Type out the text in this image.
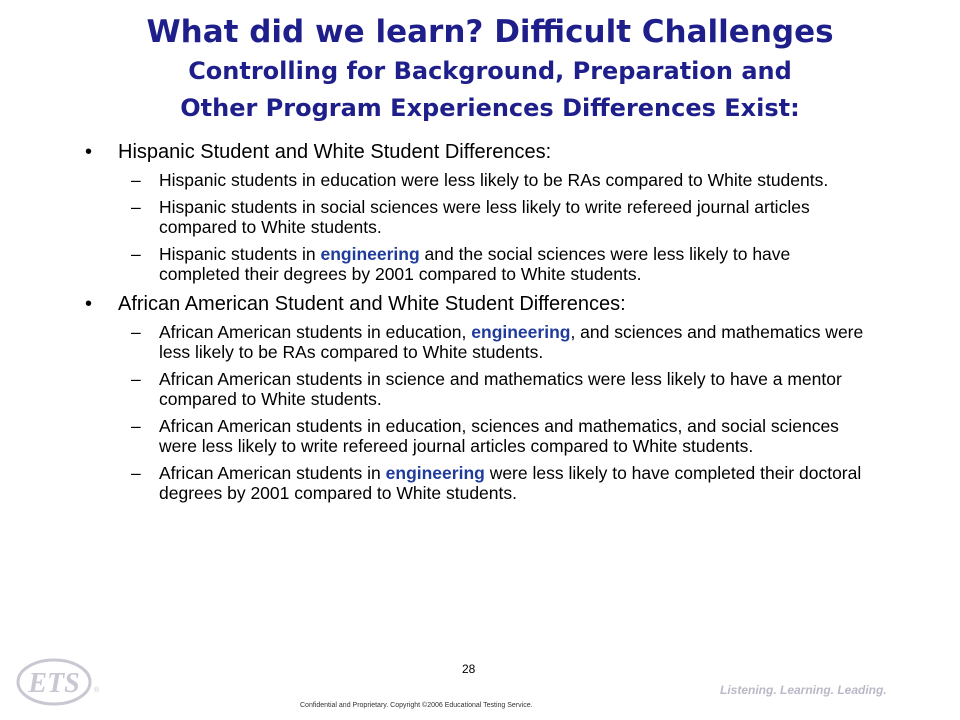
What did we learn? Difficult Challenges
Controlling for Background, Preparation and
Other Program Experiences Differences Exist:
• Hispanic Student and White Student Differences:
– Hispanic students in education were less likely to be RAs compared to White students.
– Hispanic students in social sciences were less likely to write refereed journal articles compared to White students.
– Hispanic students in engineering and the social sciences were less likely to have completed their degrees by 2001 compared to White students.
• African American Student and White Student Differences:
– African American students in education, engineering, and sciences and mathematics were less likely to be RAs compared to White students.
– African American students in science and mathematics were less likely to have a mentor compared to White students.
– African American students in education, sciences and mathematics, and social sciences were less likely to write refereed journal articles compared to White students.
– African American students in engineering were less likely to have completed their doctoral degrees by 2001 compared to White students.
ETS ®
28
Listening. Learning. Leading.
Confidential and Proprietary. Copyright ©2006 Educational Testing Service.
